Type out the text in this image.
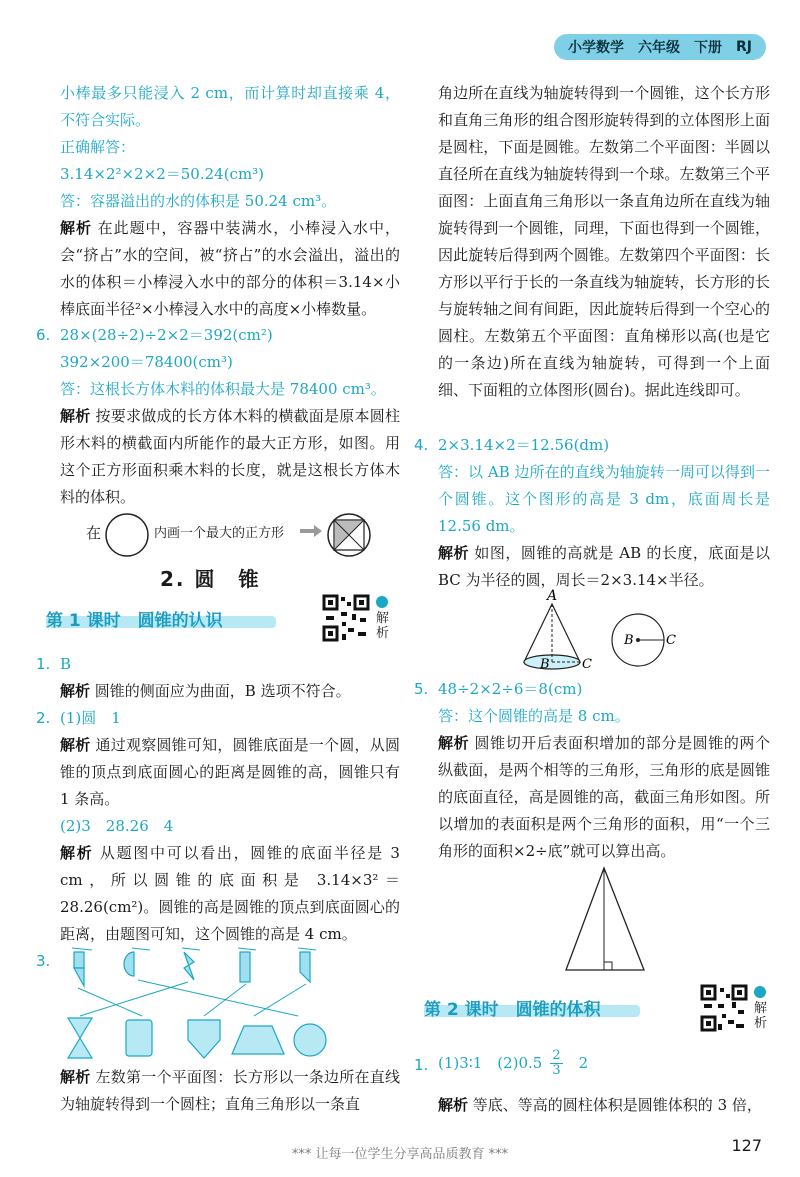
小学数学 六年级 下册 RJ
小棒最多只能浸入 2 cm，而计算时却直接乘 4，不符合实际。
正确解答：
3.14×2²×2×2＝50.24(cm³)
答：容器溢出的水的体积是 50.24 cm³。
解析 在此题中，容器中装满水，小棒浸入水中，会“挤占”水的空间，被“挤占”的水会溢出，溢出的水的体积＝小棒浸入水中的部分的体积＝3.14×小棒底面半径²×小棒浸入水中的高度×小棒数量。
6. 28×(28÷2)÷2×2＝392(cm²)
392×200＝78400(cm³)
答：这根长方体木料的体积最大是 78400 cm³。
解析 按要求做成的长方体木料的横截面是原本圆柱形木料的横截面内所能作的最大正方形，如图。用这个正方形面积乘木料的长度，就是这根长方体木料的体积。
在	内画一个最大的正方形
2. 圆　锥
第 1 课时　圆锥的认识	解析
1. B
解析 圆锥的侧面应为曲面，B 选项不符合。
2. (1)圆　1
解析 通过观察圆锥可知，圆锥底面是一个圆，从圆锥的顶点到底面圆心的距离是圆锥的高，圆锥只有 1 条高。
(2)3　28.26　4
解析 从题图中可以看出，圆锥的底面半径是 3 cm，所以圆锥的底面积是 3.14×3²＝28.26(cm²)。圆锥的高是圆锥的顶点到底面圆心的距离，由题图可知，这个圆锥的高是 4 cm。
3.
解析 左数第一个平面图：长方形以一条边所在直线为轴旋转得到一个圆柱；直角三角形以一条直
角边所在直线为轴旋转得到一个圆锥，这个长方形和直角三角形的组合图形旋转得到的立体图形上面是圆柱，下面是圆锥。左数第二个平面图：半圆以直径所在直线为轴旋转得到一个球。左数第三个平面图：上面直角三角形以一条直角边所在直线为轴旋转得到一个圆锥，同理，下面也得到一个圆锥，因此旋转后得到两个圆锥。左数第四个平面图：长方形以平行于长的一条直线为轴旋转，长方形的长与旋转轴之间有间距，因此旋转后得到一个空心的圆柱。左数第五个平面图：直角梯形以高(也是它的一条边)所在直线为轴旋转，可得到一个上面细、下面粗的立体图形(圆台)。据此连线即可。
4. 2×3.14×2＝12.56(dm)
答：以 AB 边所在的直线为轴旋转一周可以得到一个圆锥。这个图形的高是 3 dm，底面周长是 12.56 dm。
解析 如图，圆锥的高就是 AB 的长度，底面是以 BC 为半径的圆，周长＝2×3.14×半径。
A
B C
B C
5. 48÷2×2÷6＝8(cm)
答：这个圆锥的高是 8 cm。
解析 圆锥切开后表面积增加的部分是圆锥的两个纵截面，是两个相等的三角形，三角形的底是圆锥的底面直径，高是圆锥的高，截面三角形如图。所以增加的表面积是两个三角形的面积，用“一个三角形的面积×2÷底”就可以算出高。
第 2 课时　圆锥的体积	解析
1. (1)3∶1　$(2)0.5 \frac{2}{3} 2$
解析 等底、等高的圆柱体积是圆锥体积的 3 倍，
*** 让每一位学生分享高品质教育 ***	127
